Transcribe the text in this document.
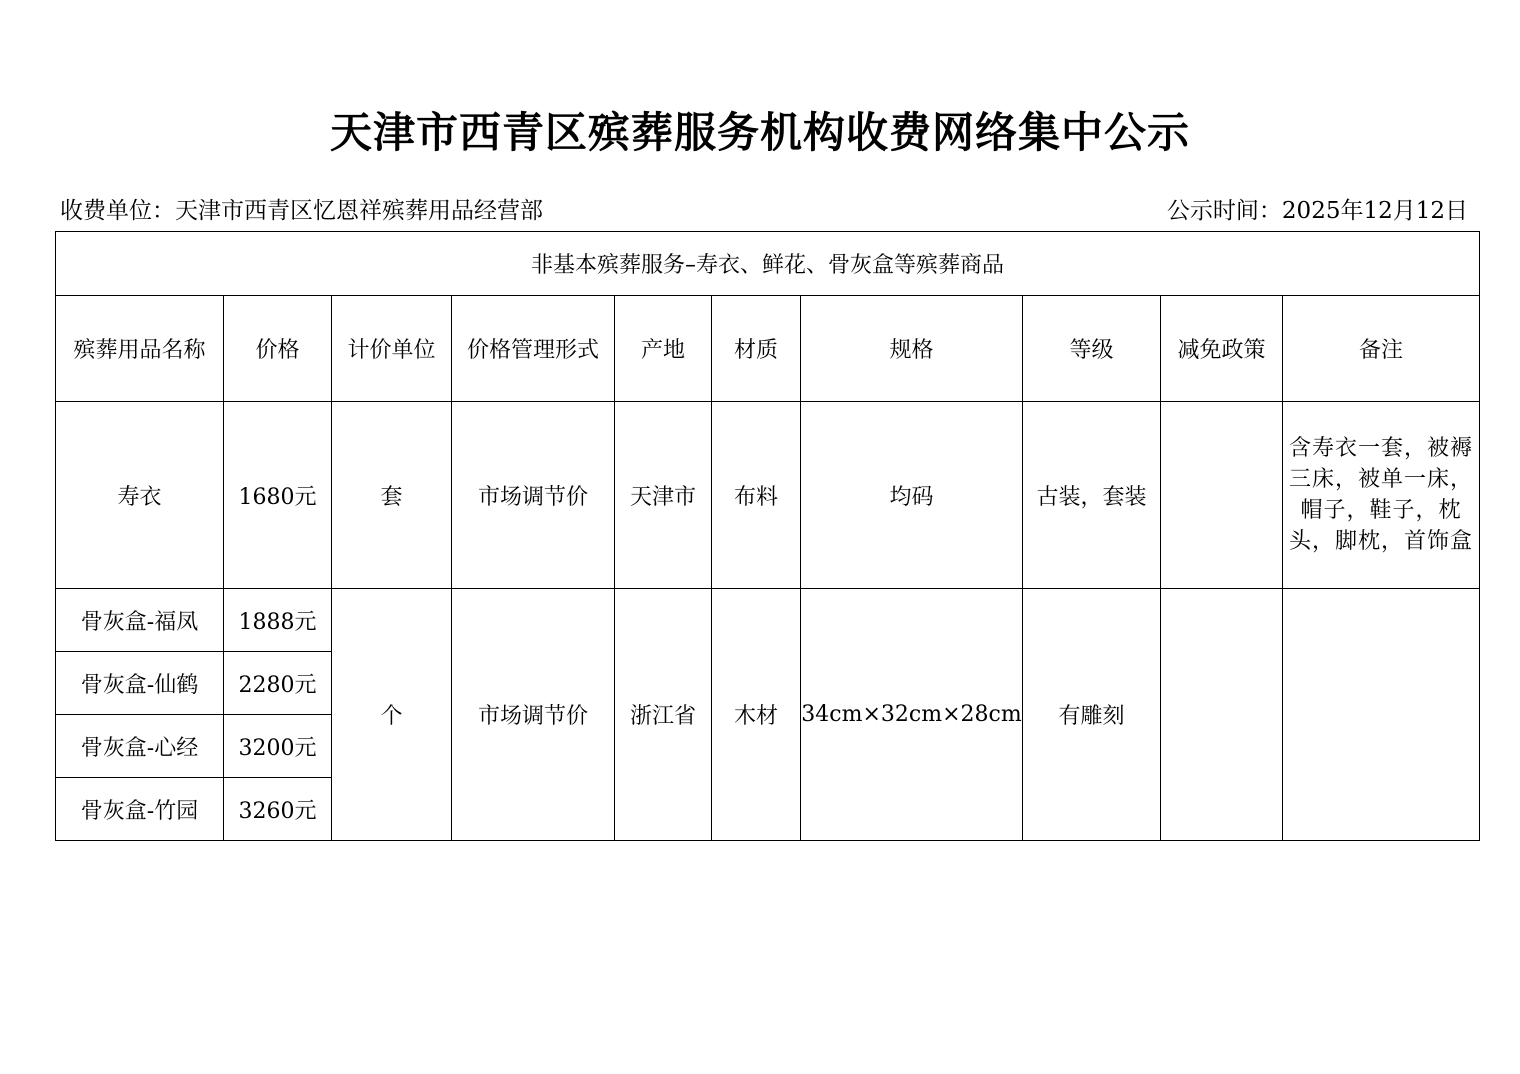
天津市西青区殡葬服务机构收费网络集中公示
收费单位：天津市西青区忆恩祥殡葬用品经营部	公示时间：2025年12月12日
非基本殡葬服务–寿衣、鲜花、骨灰盒等殡葬商品									
殡葬用品名称	价格	计价单位	价格管理形式	产地	材质	规格	等级	减免政策	备注
寿衣	1680元	套	市场调节价	天津市	布料	均码	古装，套装		含寿衣一套，被褥三床，被单一床，帽子，鞋子，枕头，脚枕，首饰盒
骨灰盒-福凤	1888元	个	市场调节价	浙江省	木材	34cm×32cm×28cm	有雕刻		
骨灰盒-仙鹤	2280元								
骨灰盒-心经	3200元								
骨灰盒-竹园	3260元								
